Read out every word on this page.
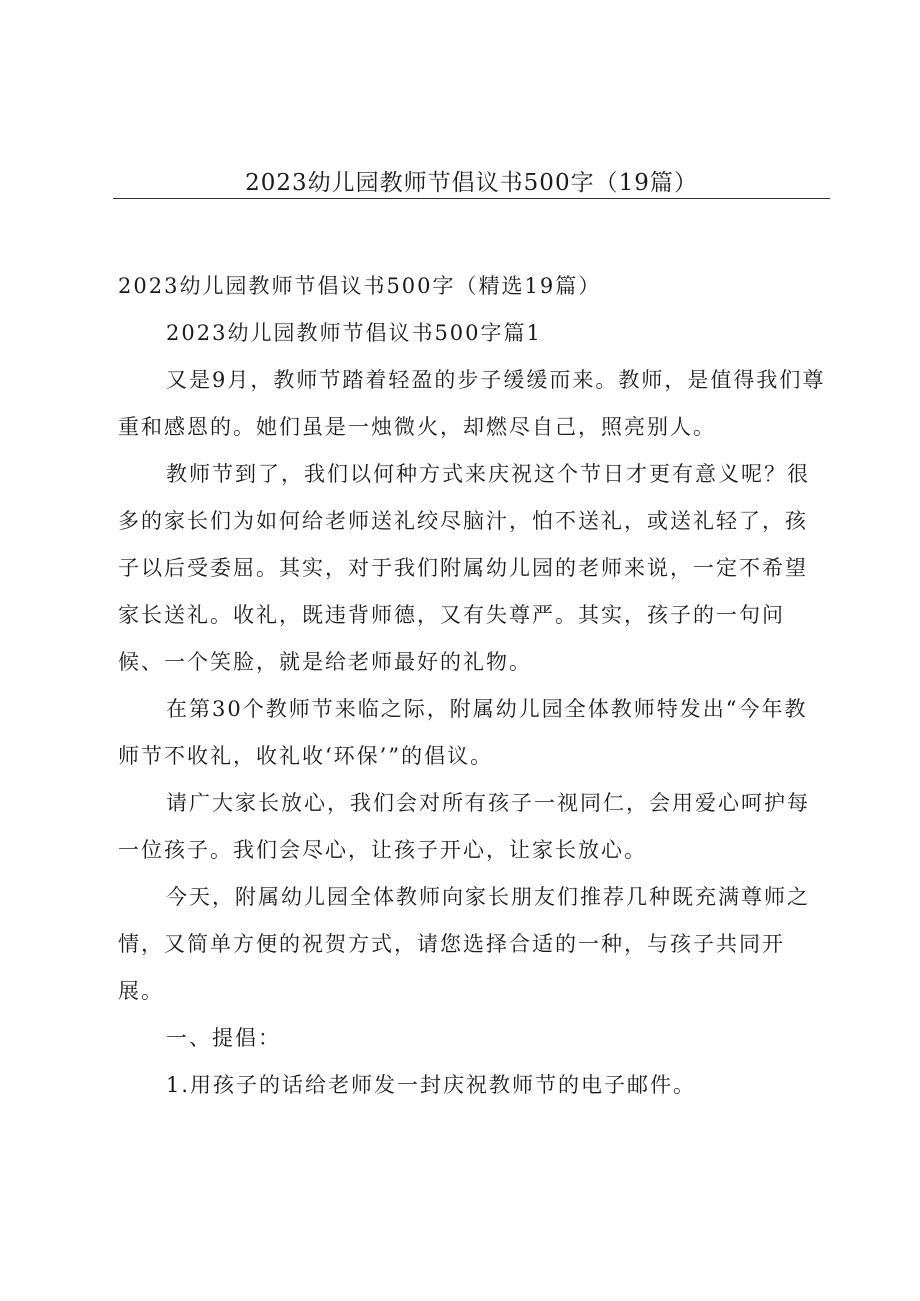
2023幼儿园教师节倡议书500字（19篇）

2023幼儿园教师节倡议书500字（精选19篇）

2023幼儿园教师节倡议书500字篇1

又是9月，教师节踏着轻盈的步子缓缓而来。教师，是值得我们尊重和感恩的。她们虽是一烛微火，却燃尽自己，照亮别人。

教师节到了，我们以何种方式来庆祝这个节日才更有意义呢？很多的家长们为如何给老师送礼绞尽脑汁，怕不送礼，或送礼轻了，孩子以后受委屈。其实，对于我们附属幼儿园的老师来说，一定不希望家长送礼。收礼，既违背师德，又有失尊严。其实，孩子的一句问候、一个笑脸，就是给老师最好的礼物。

在第30个教师节来临之际，附属幼儿园全体教师特发出“今年教师节不收礼，收礼收‘环保’”的倡议。

请广大家长放心，我们会对所有孩子一视同仁，会用爱心呵护每一位孩子。我们会尽心，让孩子开心，让家长放心。

今天，附属幼儿园全体教师向家长朋友们推荐几种既充满尊师之情，又简单方便的祝贺方式，请您选择合适的一种，与孩子共同开展。

一、提倡：

1.用孩子的话给老师发一封庆祝教师节的电子邮件。
